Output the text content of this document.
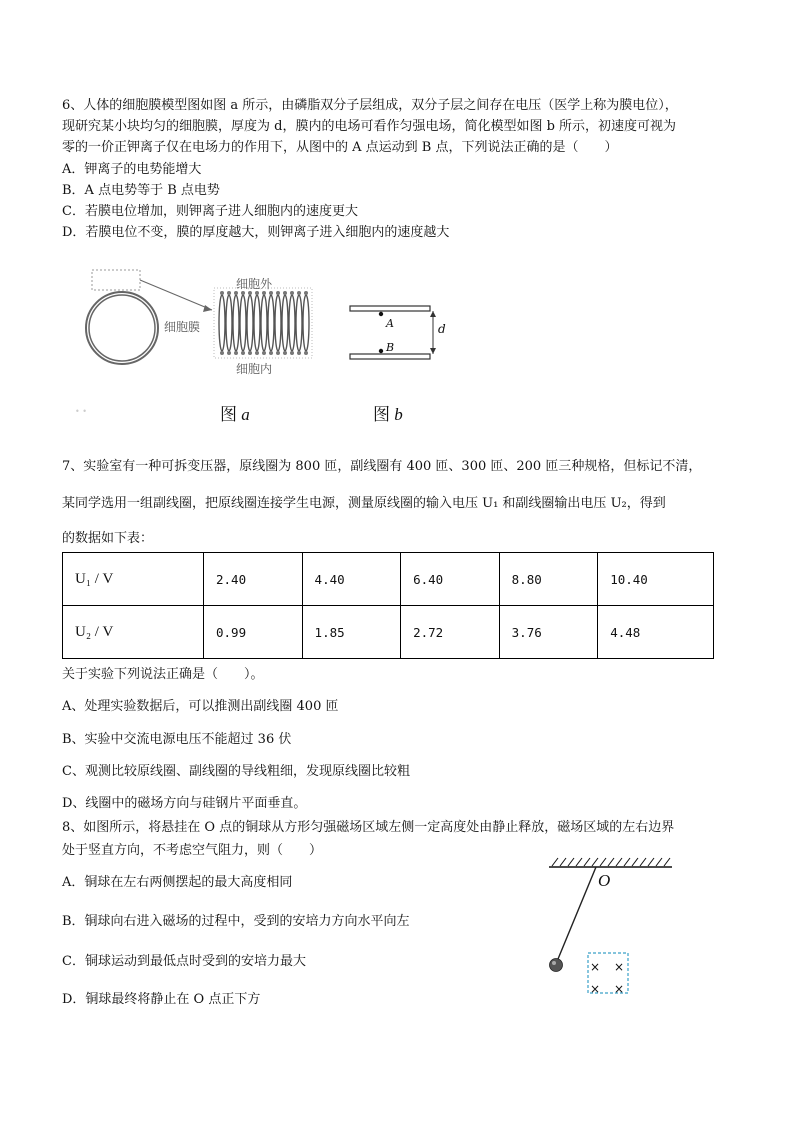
6、人体的细胞膜模型图如图 a 所示，由磷脂双分子层组成，双分子层之间存在电压（医学上称为膜电位），
现研究某小块均匀的细胞膜，厚度为 d，膜内的电场可看作匀强电场，简化模型如图 b 所示，初速度可视为
零的一价正钾离子仅在电场力的作用下，从图中的 A 点运动到 B 点，下列说法正确的是（　　）
A．钾离子的电势能增大
B．A 点电势等于 B 点电势
C．若膜电位增加，则钾离子进人细胞内的速度更大
D．若膜电位不变，膜的厚度越大，则钾离子进入细胞内的速度越大
细胞外
细胞膜
细胞内
图 a
• •
A
B
d
图 b
7、实验室有一种可拆变压器，原线圈为 800 匝，副线圈有 400 匝、300 匝、200 匝三种规格，但标记不清，
某同学选用一组副线圈，把原线圈连接学生电源，测量原线圈的输入电压 U₁ 和副线圈输出电压 U₂，得到
的数据如下表：
U₁ / V	2.40	4.40	6.40	8.80	10.40
U₂ / V	0.99	1.85	2.72	3.76	4.48
关于实验下列说法正确是（　　）。
A、处理实验数据后，可以推测出副线圈 400 匝
B、实验中交流电源电压不能超过 36 伏
C、观测比较原线圈、副线圈的导线粗细，发现原线圈比较粗
D、线圈中的磁场方向与硅钢片平面垂直。
8、如图所示，将悬挂在 O 点的铜球从方形匀强磁场区域左侧一定高度处由静止释放，磁场区域的左右边界
处于竖直方向，不考虑空气阻力，则（　　）
A．铜球在左右两侧摆起的最大高度相同
B．铜球向右进入磁场的过程中，受到的安培力方向水平向左
C．铜球运动到最低点时受到的安培力最大
D．铜球最终将静止在 O 点正下方
O
× ×
× ×
